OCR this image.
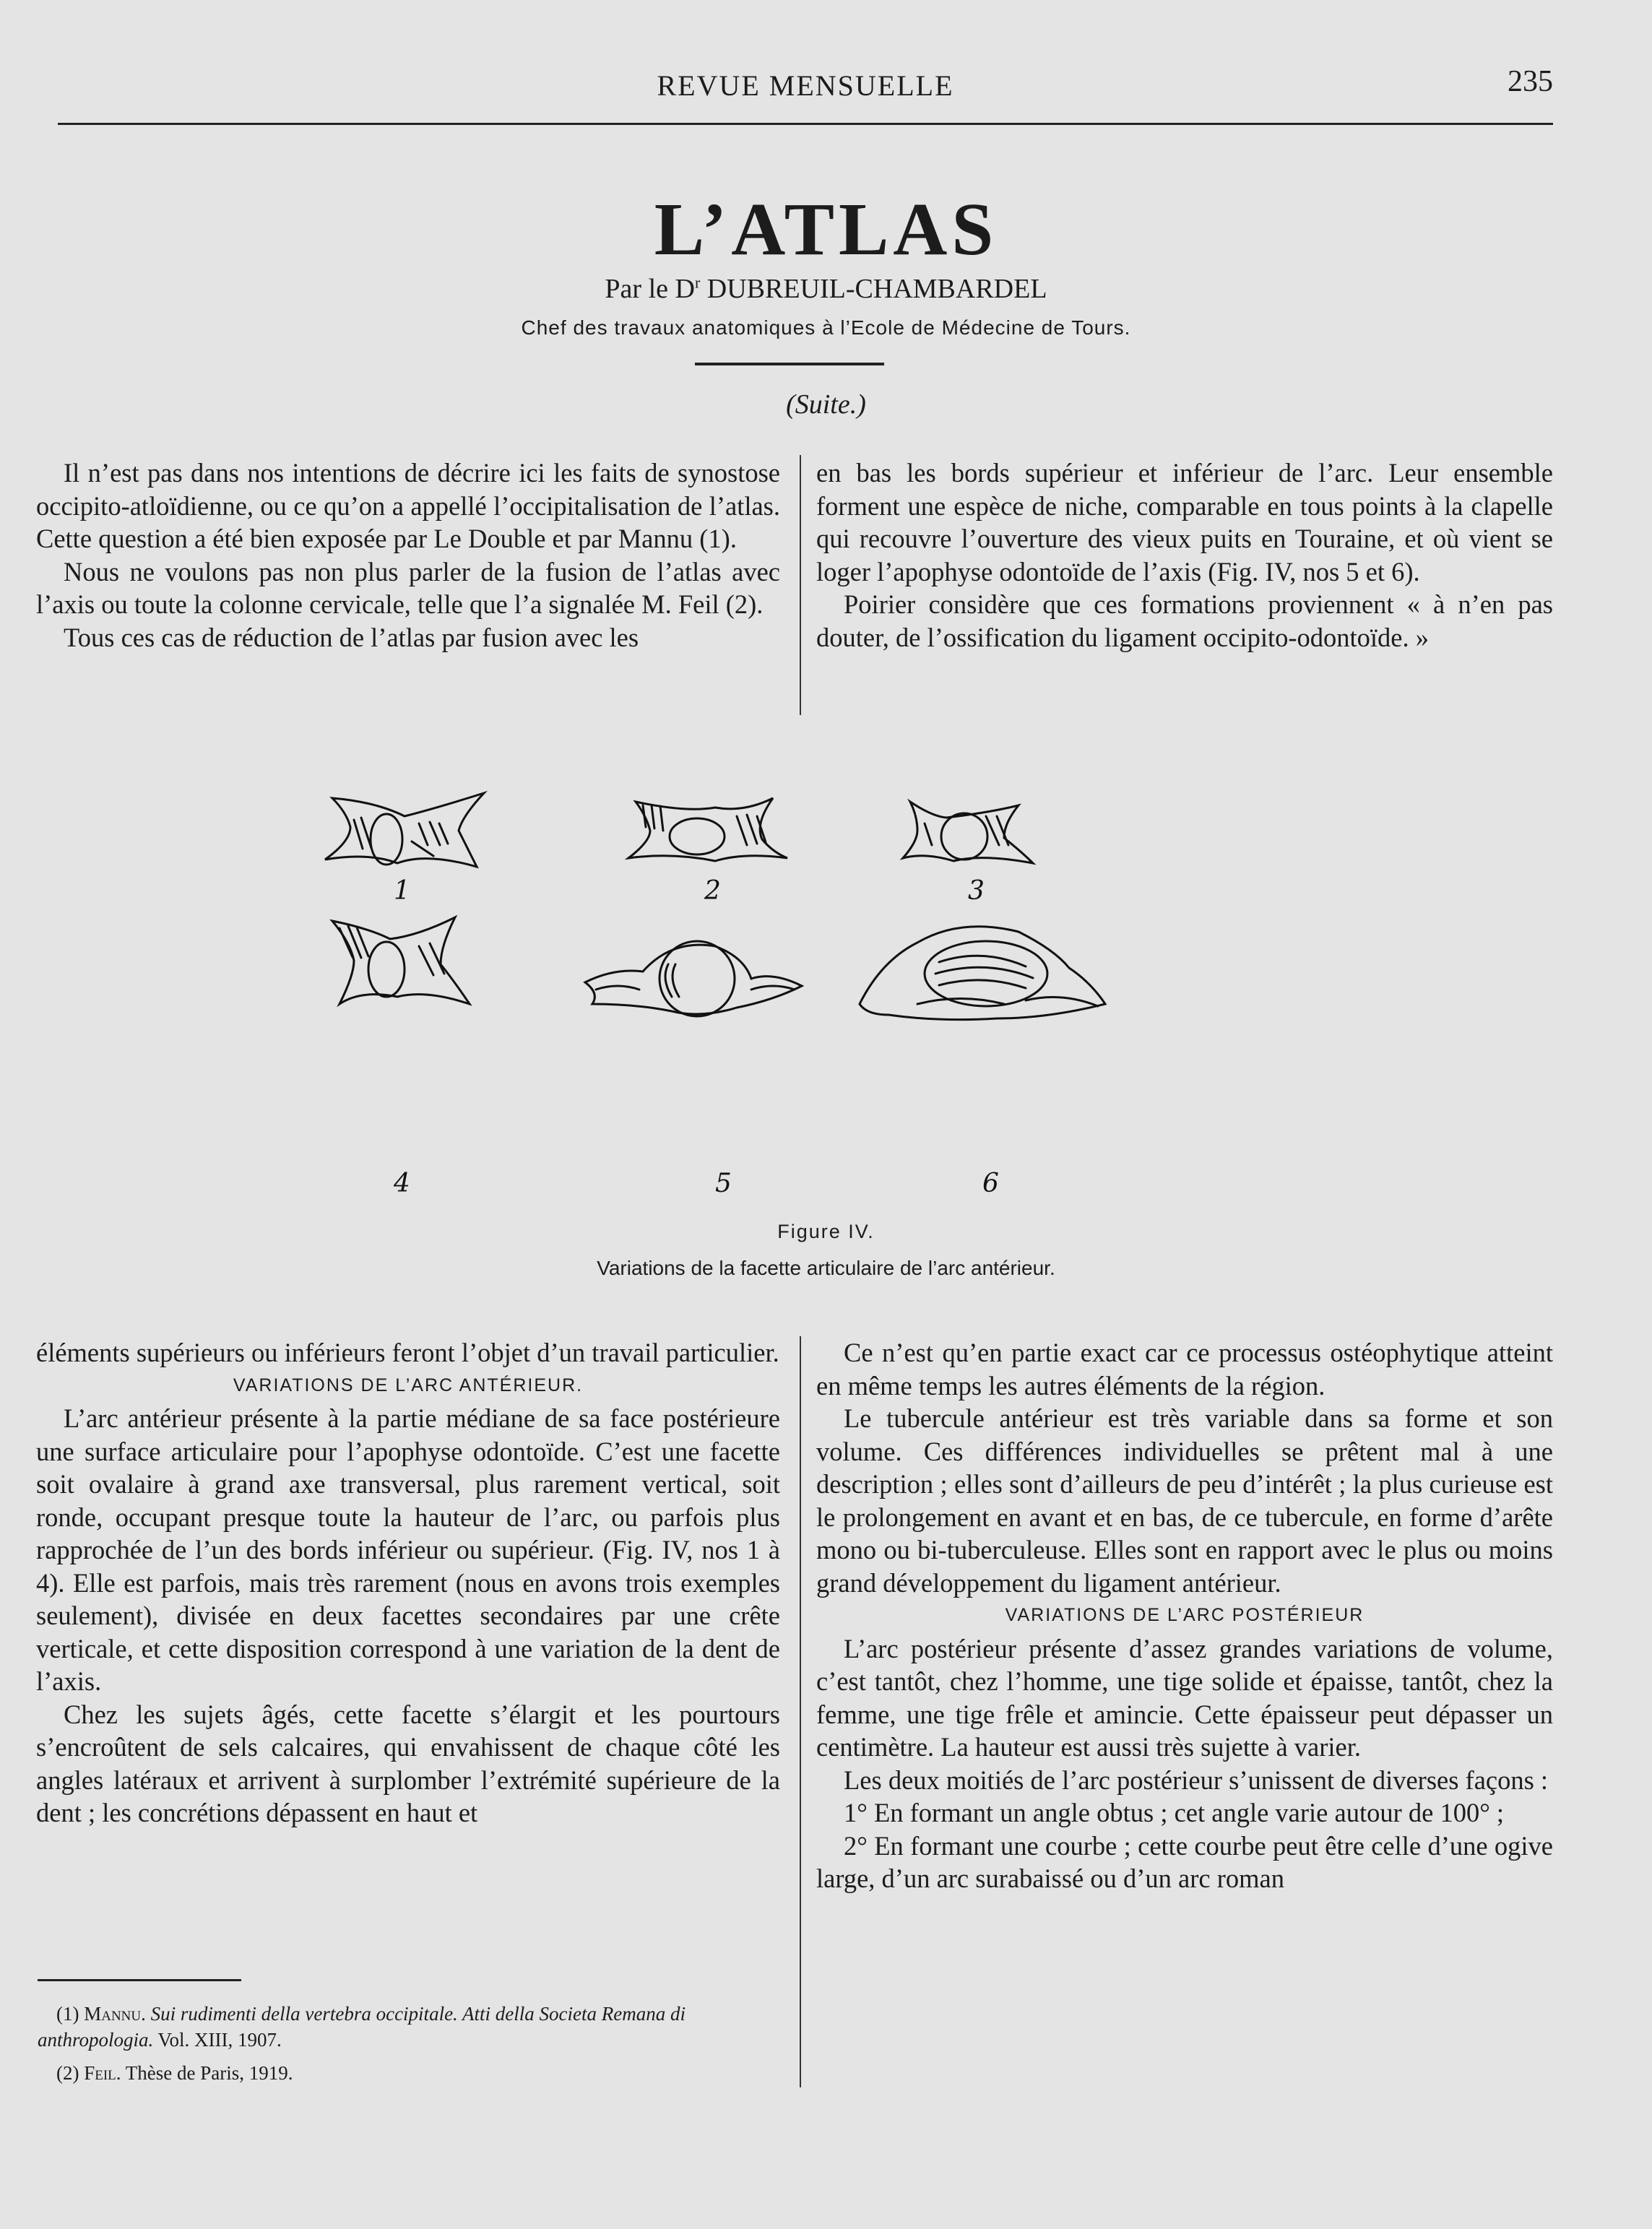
REVUE MENSUELLE	235
L’ATLAS
Par le $D^r$ DUBREUIL-CHAMBARDEL
Chef des travaux anatomiques à l’Ecole de Médecine de Tours.
(Suite.)

Il n’est pas dans nos intentions de décrire ici les faits de synostose occipito-atloïdienne, ou ce qu’on a appellé l’occipitalisation de l’atlas. Cette question a été bien exposée par Le Double et par Mannu (1).

Nous ne voulons pas non plus parler de la fusion de l’atlas avec l’axis ou toute la colonne cervicale, telle que l’a signalée M. Feil (2).

Tous ces cas de réduction de l’atlas par fusion avec les

en bas les bords supérieur et inférieur de l’arc. Leur ensemble forment une espèce de niche, comparable en tous points à la clapelle qui recouvre l’ouverture des vieux puits en Touraine, et où vient se loger l’apophyse odontoïde de l’axis (Fig. IV, nos 5 et 6).

Poirier considère que ces formations proviennent « à n’en pas douter, de l’ossification du ligament occipito-odontoïde. »

1	2	3
4	5	6
Figure IV.
Variations de la facette articulaire de l’arc antérieur.

éléments supérieurs ou inférieurs feront l’objet d’un travail particulier.

VARIATIONS DE L’ARC ANTÉRIEUR.

L’arc antérieur présente à la partie médiane de sa face postérieure une surface articulaire pour l’apophyse odontoïde. C’est une facette soit ovalaire à grand axe transversal, plus rarement vertical, soit ronde, occupant presque toute la hauteur de l’arc, ou parfois plus rapprochée de l’un des bords inférieur ou supérieur. (Fig. IV, nos 1 à 4). Elle est parfois, mais très rarement (nous en avons trois exemples seulement), divisée en deux facettes secondaires par une crête verticale, et cette disposition correspond à une variation de la dent de l’axis.

Chez les sujets âgés, cette facette s’élargit et les pourtours s’encroûtent de sels calcaires, qui envahissent de chaque côté les angles latéraux et arrivent à surplomber l’extrémité supérieure de la dent ; les concrétions dépassent en haut et

Ce n’est qu’en partie exact car ce processus ostéophytique atteint en même temps les autres éléments de la région.

Le tubercule antérieur est très variable dans sa forme et son volume. Ces différences individuelles se prêtent mal à une description ; elles sont d’ailleurs de peu d’intérêt ; la plus curieuse est le prolongement en avant et en bas, de ce tubercule, en forme d’arête mono ou bi-tuberculeuse. Elles sont en rapport avec le plus ou moins grand développement du ligament antérieur.

VARIATIONS DE L’ARC POSTÉRIEUR

L’arc postérieur présente d’assez grandes variations de volume, c’est tantôt, chez l’homme, une tige solide et épaisse, tantôt, chez la femme, une tige frêle et amincie. Cette épaisseur peut dépasser un centimètre. La hauteur est aussi très sujette à varier.

Les deux moitiés de l’arc postérieur s’unissent de diverses façons :

1° En formant un angle obtus ; cet angle varie autour de 100° ;

2° En formant une courbe ; cette courbe peut être celle d’une ogive large, d’un arc surabaissé ou d’un arc roman

(1) Mannu. Sui rudimenti della vertebra occipitale. Atti della Societa Remana di anthropologia. Vol. XIII, 1907.

(2) Feil. Thèse de Paris, 1919.
